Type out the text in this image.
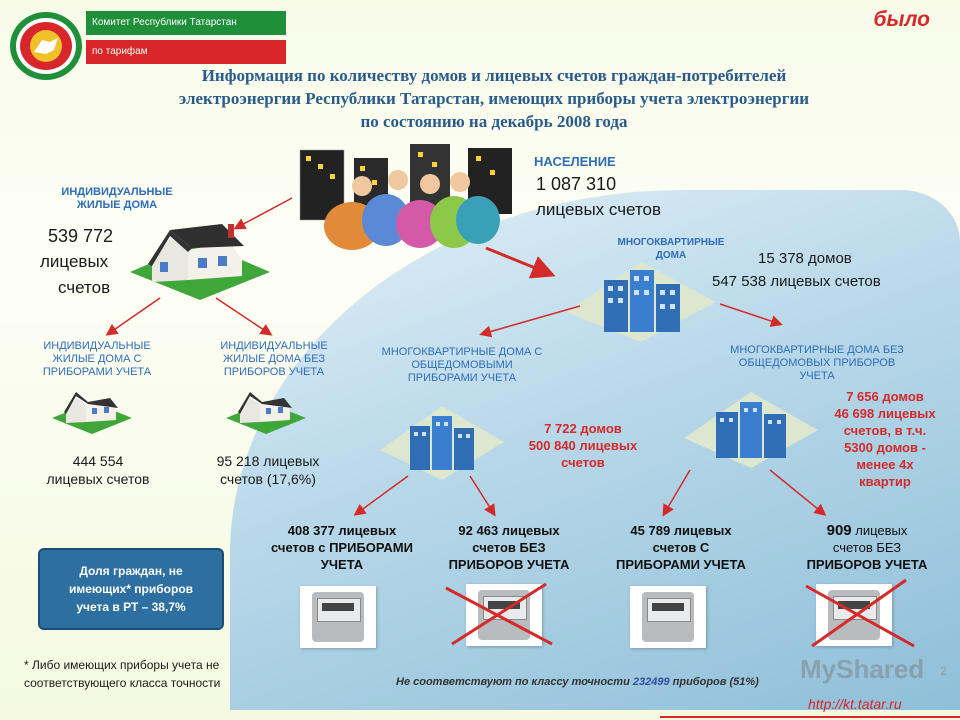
Комитет Республики Татарстан
по тарифам
было
Информация по количеству домов и лицевых счетов граждан-потребителей
электроэнергии Республики Татарстан, имеющих приборы учета электроэнергии
по состоянию на декабрь 2008 года
НАСЕЛЕНИЕ
1 087 310
лицевых счетов
ИНДИВИДУАЛЬНЫЕ
ЖИЛЫЕ ДОМА
539 772
лицевых
счетов
ИНДИВИДУАЛЬНЫЕ
ЖИЛЫЕ ДОМА С
ПРИБОРАМИ УЧЕТА
444 554
лицевых счетов
ИНДИВИДУАЛЬНЫЕ
ЖИЛЫЕ ДОМА БЕЗ
ПРИБОРОВ УЧЕТА
95 218 лицевых
счетов (17,6%)
МНОГОКВАРТИРНЫЕ
ДОМА	15 378 домов
547 538 лицевых счетов
МНОГОКВАРТИРНЫЕ ДОМА С
ОБЩЕДОМОВЫМИ
ПРИБОРАМИ УЧЕТА
7 722 домов
500 840 лицевых
счетов
МНОГОКВАРТИРНЫЕ ДОМА БЕЗ
ОБЩЕДОМОВЫХ ПРИБОРОВ
УЧЕТА
7 656 домов
46 698 лицевых
счетов, в т.ч.
5300 домов -
менее 4х
квартир
408 377 лицевых
счетов с ПРИБОРАМИ
УЧЕТА
92 463 лицевых
счетов БЕЗ
ПРИБОРОВ УЧЕТА
45 789 лицевых
счетов С
ПРИБОРАМИ УЧЕТА
909 лицевых
счетов БЕЗ
ПРИБОРОВ УЧЕТА
Доля граждан, не
имеющих* приборов
учета в РТ – 38,7%
* Либо имеющих приборы учета не
соответствующего класса точности	Не соответствуют по классу точности 232499 приборов (51%) MyShared 2
http://kt.tatar.ru
